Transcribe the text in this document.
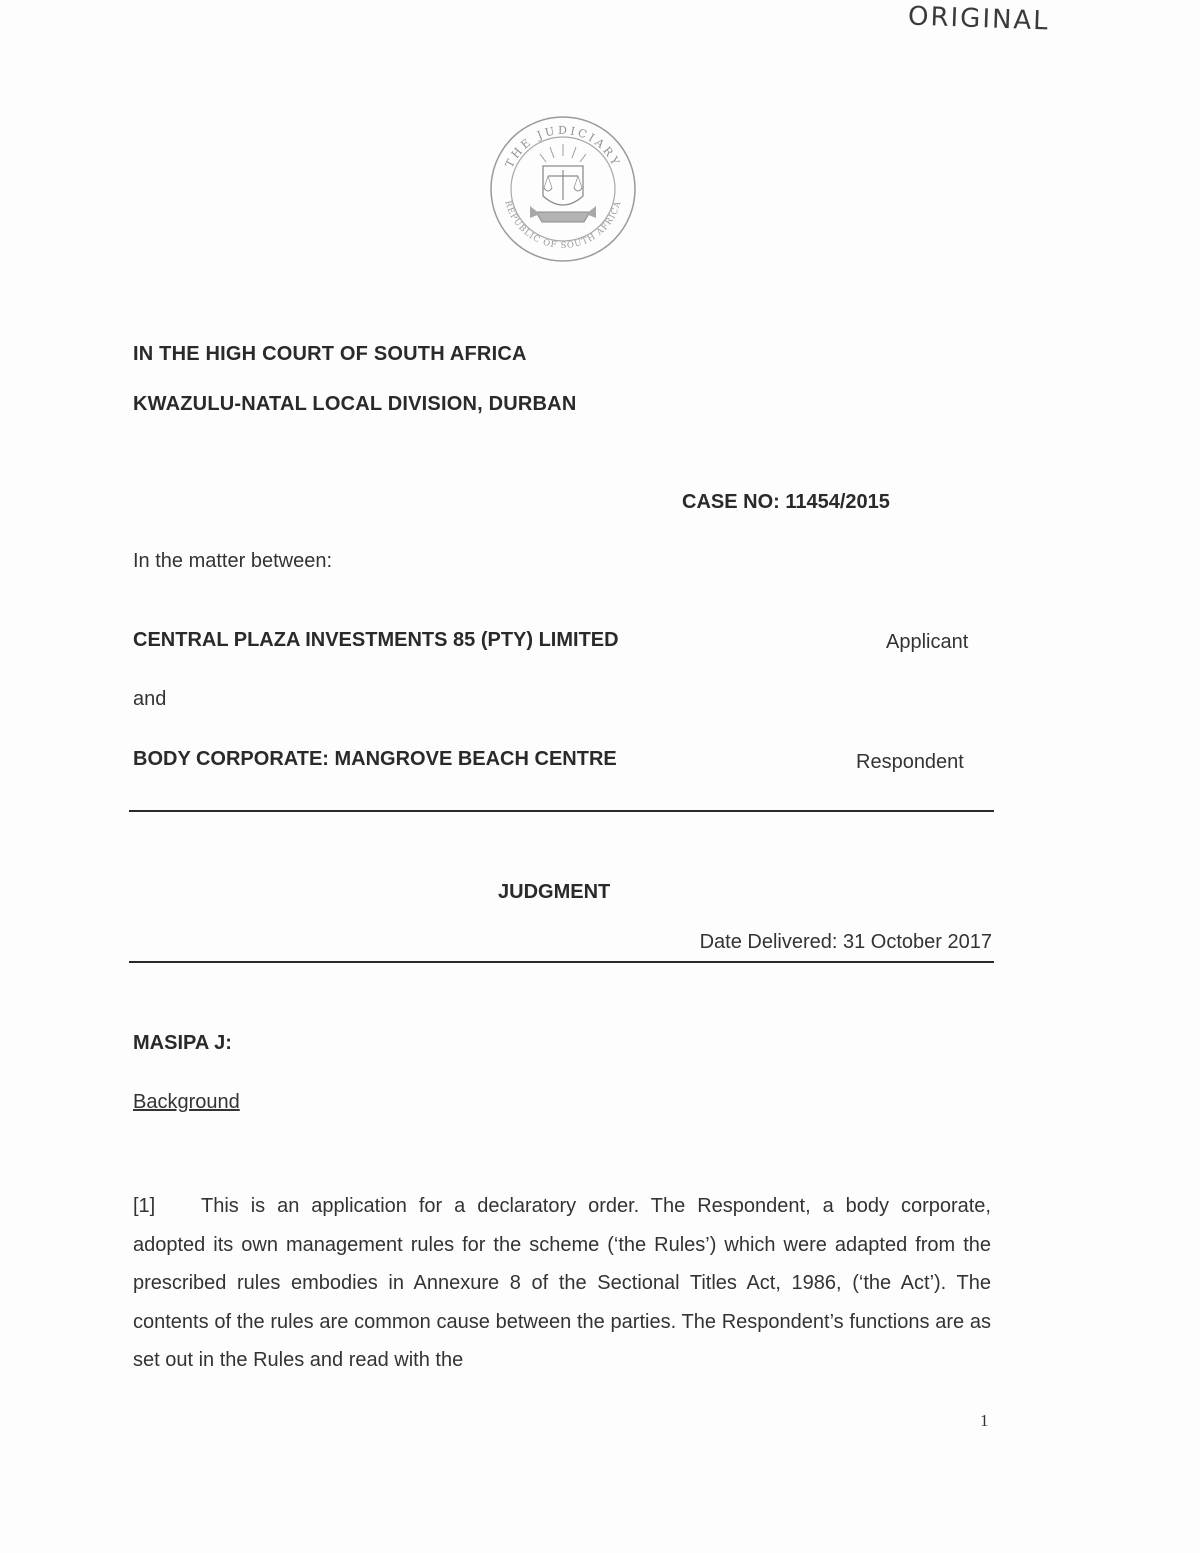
ORIGINAL
THE JUDICIARY
REPUBLIC OF SOUTH AFRICA
IN THE HIGH COURT OF SOUTH AFRICA
KWAZULU-NATAL LOCAL DIVISION, DURBAN
CASE NO: 11454/2015
In the matter between:
CENTRAL PLAZA INVESTMENTS 85 (PTY) LIMITED	Applicant
and
BODY CORPORATE: MANGROVE BEACH CENTRE	Respondent
JUDGMENT
Date Delivered: 31 October 2017
MASIPA J:
Background
[1] This is an application for a declaratory order. The Respondent, a body corporate, adopted its own management rules for the scheme (‘the Rules’) which were adapted from the prescribed rules embodies in Annexure 8 of the Sectional Titles Act, 1986, (‘the Act’). The contents of the rules are common cause between the parties. The Respondent’s functions are as set out in the Rules and read with the
1
